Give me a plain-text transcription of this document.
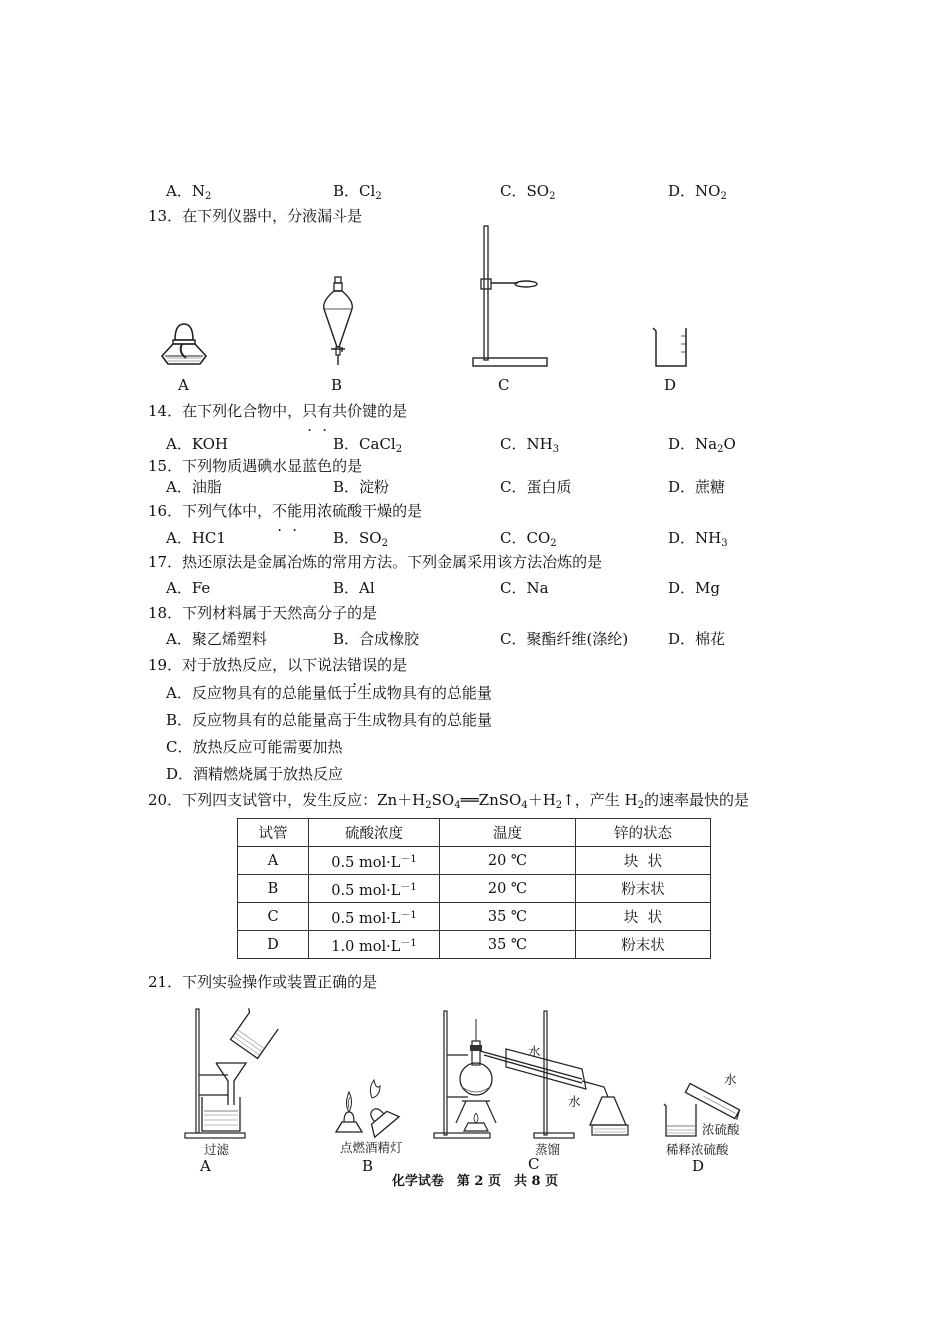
A．$N_2$	B．$Cl_2$	C．$SO_2$	D．$NO_2$
13．在下列仪器中，分液漏斗是
A	B	C	D
14．在下列化合物中，只有共价键的是
A．KOH	B．CaCl$_2$	C．$NH_3$	D．$Na_2O$
15．下列物质遇碘水显蓝色的是
A．油脂	B．淀粉	C．蛋白质	D．蔗糖
16．下列气体中，不能用浓硫酸干燥的是
A．HC1	B．$SO_2$	C．$CO_2$	D．$NH_3$
17．热还原法是金属冶炼的常用方法。下列金属采用该方法冶炼的是
A．Fe	B．Al	C．Na	D．Mg
18．下列材料属于天然高分子的是
A．聚乙烯塑料	B．合成橡胶	C．聚酯纤维(涤纶)	D．棉花
19．对于放热反应，以下说法错误的是
A．反应物具有的总能量低于生成物具有的总能量
B．反应物具有的总能量高于生成物具有的总能量
C．放热反应可能需要加热
D．酒精燃烧属于放热反应
20．下列四支试管中，发生反应：$Zn+H_2SO_4══ZnSO_4+H_2↑$，产生 $H_2$的速率最快的是
试管	硫酸浓度	温度	锌的状态
A	0.5 $mol\cdot L^{-1}$	20 ℃	块  状
B	0.5 $mol\cdot L^{-1}$	20 ℃	粉末状
C	0.5 $mol\cdot L^{-1}$	35 ℃	块  状
D	1.0 $mol\cdot L^{-1}$	35 ℃	粉末状
21．下列实验操作或装置正确的是
过滤	点燃酒精灯
水
水
蒸馏
水
浓硫酸
稀释浓硫酸
A	B	C	D
化学试卷　第 2 页　共 8 页
